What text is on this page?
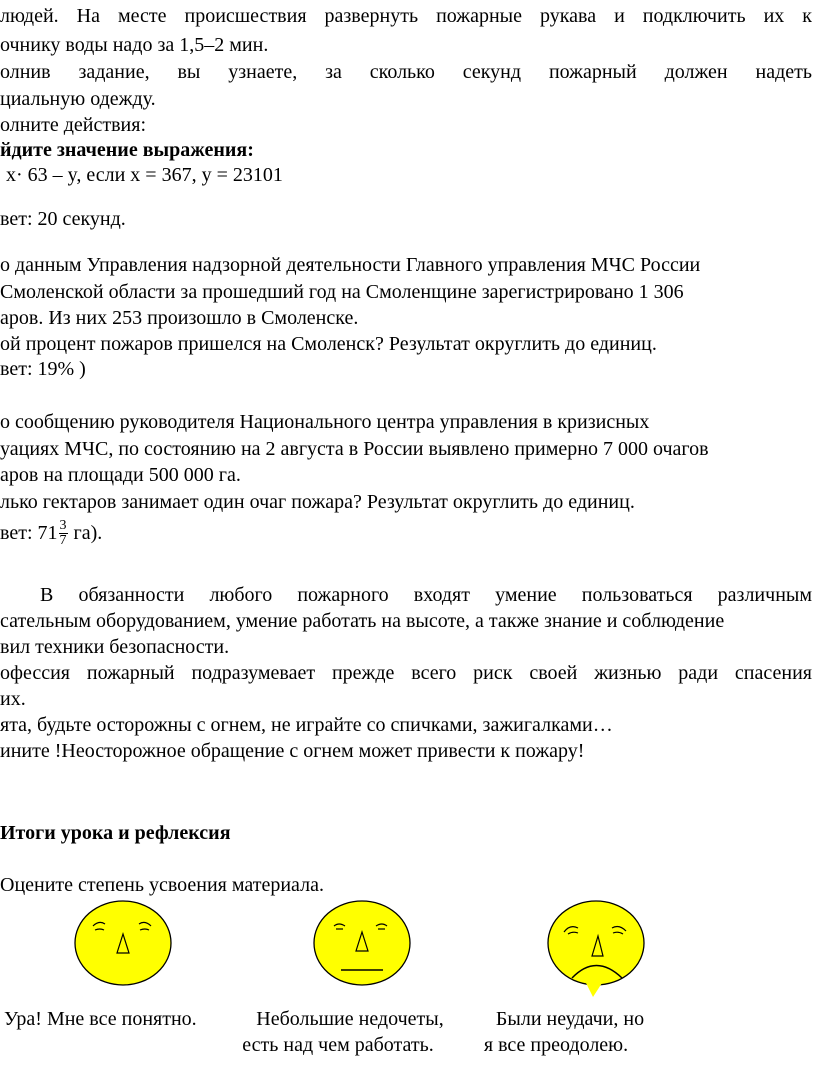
людей. На месте происшествия развернуть пожарные рукава и подключить их к
очнику воды надо за 1,5–2 мин.
олнив задание, вы узнаете, за сколько секунд пожарный должен надеть
циальную одежду.
олните действия:
йдите значение выражения:
x· 63 – y, если x = 367, y = 23101
вет: 20 секунд.
о данным Управления надзорной деятельности Главного управления МЧС России
Смоленской области за прошедший год на Смоленщине зарегистрировано 1 306
аров. Из них 253 произошло в Смоленске.
ой процент пожаров пришелся на Смоленск? Результат округлить до единиц.
вет: 19% )
о сообщению руководителя Национального центра управления в кризисных
уациях МЧС, по состоянию на 2 августа в России выявлено примерно 7 000 очагов
аров на площади 500 000 га.
лько гектаров занимает один очаг пожара? Результат округлить до единиц.
вет: $71 \frac{3}{7} га$).
В обязанности любого пожарного входят умение пользоваться различным
сательным оборудованием, умение работать на высоте, а также знание и соблюдение
вил техники безопасности.
офессия пожарный подразумевает прежде всего риск своей жизнью ради спасения
их.
ята, будьте осторожны с огнем, не играйте со спичками, зажигалками…
ините !Неосторожное обращение с огнем может привести к пожару!
Итоги урока и рефлексия
Оцените степень усвоения материала.
Ура! Мне все понятно.	Небольшие недочеты,
есть над чем работать.
Были неудачи, но
я все преодолею.
